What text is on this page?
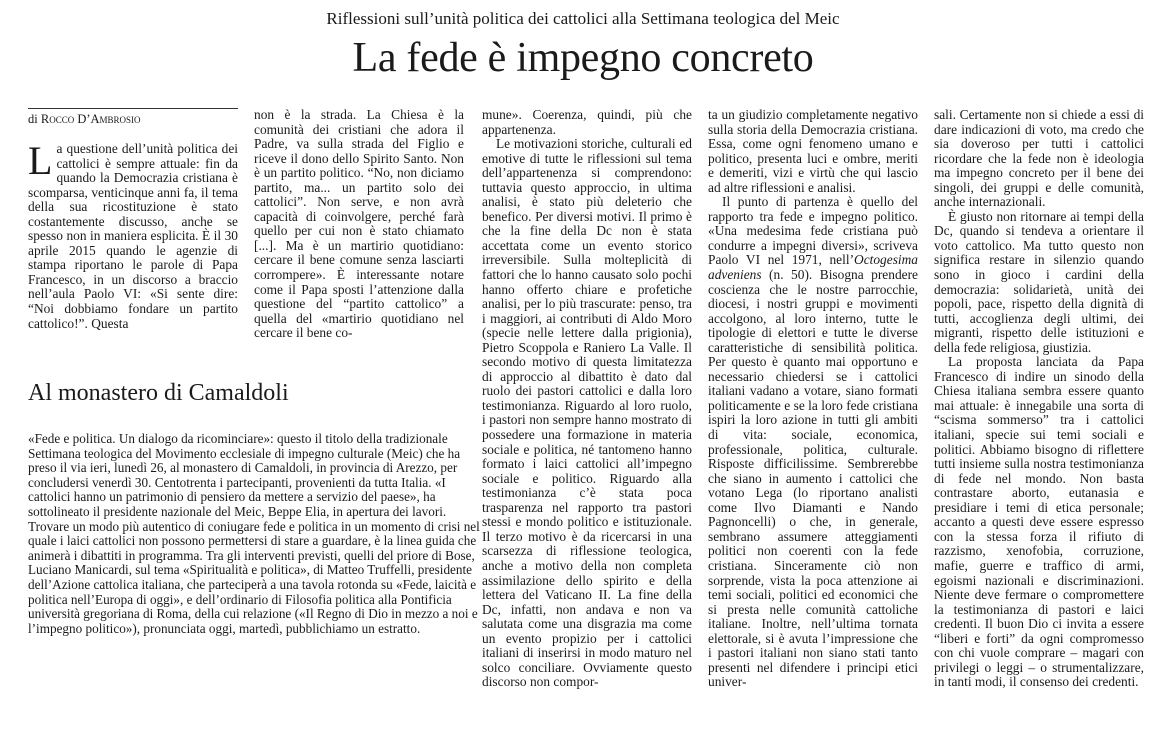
Riflessioni sull’unità politica dei cattolici alla Settimana teologica del Meic
La fede è impegno concreto
di Rocco D’Ambrosio

La questione dell’unità politica dei cattolici è sempre attuale: fin da quando la Democrazia cristiana è scomparsa, venticinque anni fa, il tema della sua ricostituzione è stato costantemente discusso, anche se spesso non in maniera esplicita. È il 30 aprile 2015 quando le agenzie di stampa riportano le parole di Papa Francesco, in un discorso a braccio nell’aula Paolo VI: «Si sente dire: “Noi dobbiamo fondare un partito cattolico!”. Questa

non è la strada. La Chiesa è la comunità dei cristiani che adora il Padre, va sulla strada del Figlio e riceve il dono dello Spirito Santo. Non è un partito politico. “No, non diciamo partito, ma... un partito solo dei cattolici”. Non serve, e non avrà capacità di coinvolgere, perché farà quello per cui non è stato chiamato [...]. Ma è un martirio quotidiano: cercare il bene comune senza lasciarti corrompere». È interessante notare come il Papa sposti l’attenzione dalla questione del “partito cattolico” a quella del «martirio quotidiano nel cercare il bene co-

Al monastero di Camaldoli

«Fede e politica. Un dialogo da ricominciare»: questo il titolo della tradizionale Settimana teologica del Movimento ecclesiale di impegno culturale (Meic) che ha preso il via ieri, lunedì 26, al monastero di Camaldoli, in provincia di Arezzo, per concludersi venerdì 30. Centotrenta i partecipanti, provenienti da tutta Italia. «I cattolici hanno un patrimonio di pensiero da mettere a servizio del paese», ha sottolineato il presidente nazionale del Meic, Beppe Elia, in apertura dei lavori. Trovare un modo più autentico di coniugare fede e politica in un momento di crisi nel quale i laici cattolici non possono permettersi di stare a guardare, è la linea guida che animerà i dibattiti in programma. Tra gli interventi previsti, quelli del priore di Bose, Luciano Manicardi, sul tema «Spiritualità e politica», di Matteo Truffelli, presidente dell’Azione cattolica italiana, che parteciperà a una tavola rotonda su «Fede, laicità e politica nell’Europa di oggi», e dell’ordinario di Filosofia politica alla Pontificia università gregoriana di Roma, della cui relazione («Il Regno di Dio in mezzo a noi e l’impegno politico»), pronunciata oggi, martedì, pubblichiamo un estratto.

mune». Coerenza, quindi, più che appartenenza.

Le motivazioni storiche, culturali ed emotive di tutte le riflessioni sul tema dell’appartenenza si comprendono: tuttavia questo approccio, in ultima analisi, è stato più deleterio che benefico. Per diversi motivi. Il primo è che la fine della Dc non è stata accettata come un evento storico irreversibile. Sulla molteplicità di fattori che lo hanno causato solo pochi hanno offerto chiare e profetiche analisi, per lo più trascurate: penso, tra i maggiori, ai contributi di Aldo Moro (specie nelle lettere dalla prigionia), Pietro Scoppola e Raniero La Valle. Il secondo motivo di questa limitatezza di approccio al dibattito è dato dal ruolo dei pastori cattolici e dalla loro testimonianza. Riguardo al loro ruolo, i pastori non sempre hanno mostrato di possedere una formazione in materia sociale e politica, né tantomeno hanno formato i laici cattolici all’impegno sociale e politico. Riguardo alla testimonianza c’è stata poca trasparenza nel rapporto tra pastori stessi e mondo politico e istituzionale. Il terzo motivo è da ricercarsi in una scarsezza di riflessione teologica, anche a motivo della non completa assimilazione dello spirito e della lettera del Vaticano II. La fine della Dc, infatti, non andava e non va salutata come una disgrazia ma come un evento propizio per i cattolici italiani di inserirsi in modo maturo nel solco conciliare. Ovviamente questo discorso non compor-

ta un giudizio completamente negativo sulla storia della Democrazia cristiana. Essa, come ogni fenomeno umano e politico, presenta luci e ombre, meriti e demeriti, vizi e virtù che qui lascio ad altre riflessioni e analisi.

Il punto di partenza è quello del rapporto tra fede e impegno politico. «Una medesima fede cristiana può condurre a impegni diversi», scriveva Paolo VI nel 1971, nell’Octogesima adveniens (n. 50). Bisogna prendere coscienza che le nostre parrocchie, diocesi, i nostri gruppi e movimenti accolgono, al loro interno, tutte le tipologie di elettori e tutte le diverse caratteristiche di sensibilità politica. Per questo è quanto mai opportuno e necessario chiedersi se i cattolici italiani vadano a votare, siano formati politicamente e se la loro fede cristiana ispiri la loro azione in tutti gli ambiti di vita: sociale, economica, professionale, politica, culturale. Risposte difficilissime. Sembrerebbe che siano in aumento i cattolici che votano Lega (lo riportano analisti come Ilvo Diamanti e Nando Pagnoncelli) o che, in generale, sembrano assumere atteggiamenti politici non coerenti con la fede cristiana. Sinceramente ciò non sorprende, vista la poca attenzione ai temi sociali, politici ed economici che si presta nelle comunità cattoliche italiane. Inoltre, nell’ultima tornata elettorale, si è avuta l’impressione che i pastori italiani non siano stati tanto presenti nel difendere i principi etici univer-

sali. Certamente non si chiede a essi di dare indicazioni di voto, ma credo che sia doveroso per tutti i cattolici ricordare che la fede non è ideologia ma impegno concreto per il bene dei singoli, dei gruppi e delle comunità, anche internazionali.

È giusto non ritornare ai tempi della Dc, quando si tendeva a orientare il voto cattolico. Ma tutto questo non significa restare in silenzio quando sono in gioco i cardini della democrazia: solidarietà, unità dei popoli, pace, rispetto della dignità di tutti, accoglienza degli ultimi, dei migranti, rispetto delle istituzioni e della fede religiosa, giustizia.

La proposta lanciata da Papa Francesco di indire un sinodo della Chiesa italiana sembra essere quanto mai attuale: è innegabile una sorta di “scisma sommerso” tra i cattolici italiani, specie sui temi sociali e politici. Abbiamo bisogno di riflettere tutti insieme sulla nostra testimonianza di fede nel mondo. Non basta contrastare aborto, eutanasia e presidiare i temi di etica personale; accanto a questi deve essere espresso con la stessa forza il rifiuto di razzismo, xenofobia, corruzione, mafie, guerre e traffico di armi, egoismi nazionali e discriminazioni. Niente deve fermare o compromettere la testimonianza di pastori e laici credenti. Il buon Dio ci invita a essere “liberi e forti” da ogni compromesso con chi vuole comprare – magari con privilegi o leggi – o strumentalizzare, in tanti modi, il consenso dei credenti.
